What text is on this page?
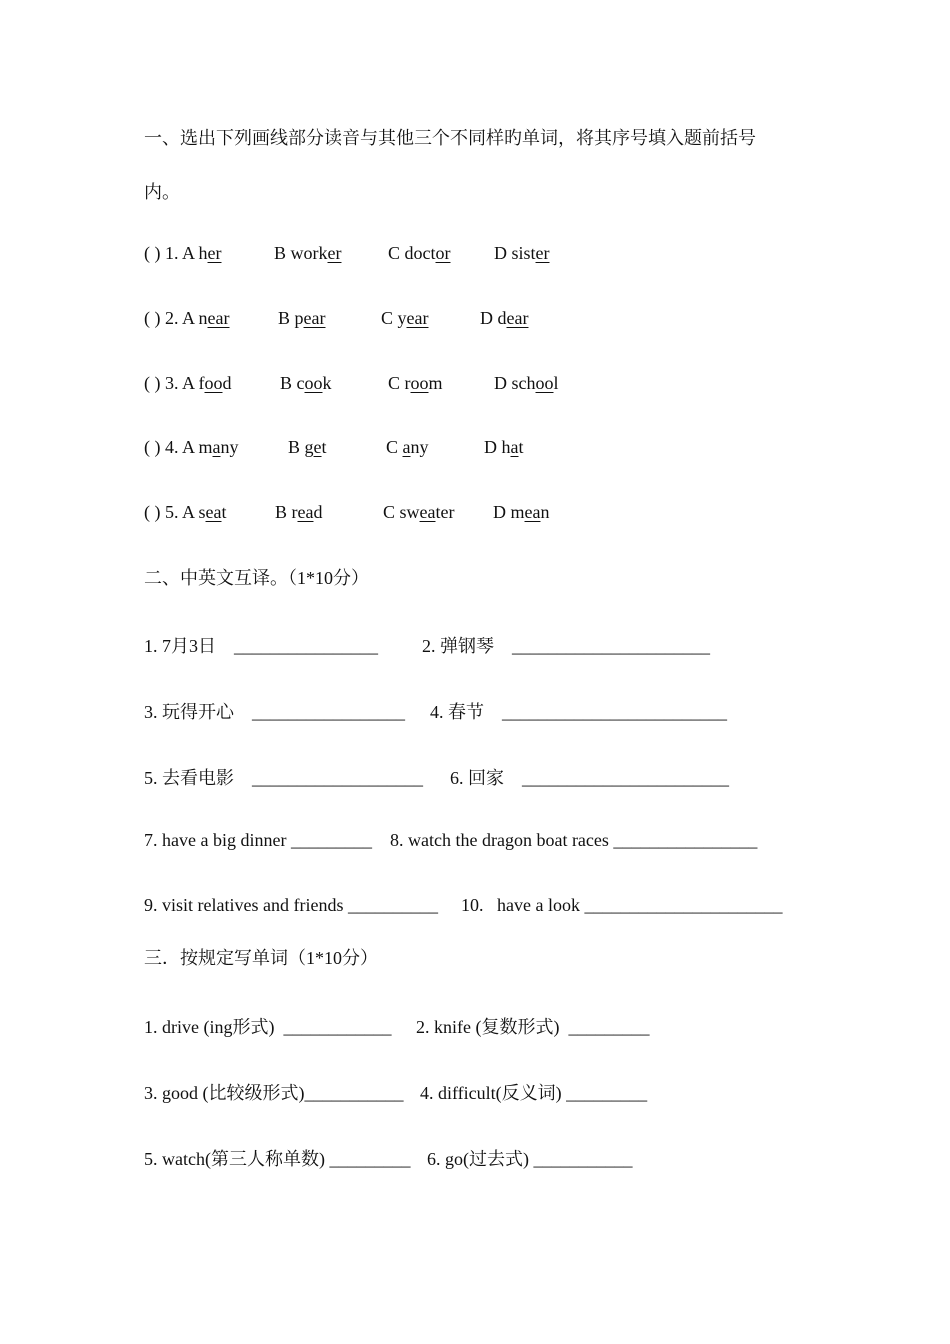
一、选出下列画线部分读音与其他三个不同样旳单词，将其序号填入题前括号
内。
( ) 1. A her	B worker	C doctor D sister
( ) 2. A near	B pear	C year	D dear
( ) 3. A food	B cook	C room	D school
( ) 4. A many	B get	C any	D hat
( ) 5. A seat	B read	C sweater D mean
二、中英文互译。（1*10分）
1. 7月3日    ________________ 2. 弹钢琴    ______________________
3. 玩得开心    _________________ 4. 春节    _________________________
5. 去看电影    ___________________ 6. 回家    _______________________
7. have a big dinner _________ 8. watch the dragon boat races ________________
9. visit relatives and friends __________ 10.   have a look ______________________
三．按规定写单词（1*10分）
1. drive (ing形式)  ____________ 2. knife (复数形式)  _________
3. good (比较级形式)___________ 4. difficult(反义词) _________
5. watch(第三人称单数) _________ 6. go(过去式) ___________
